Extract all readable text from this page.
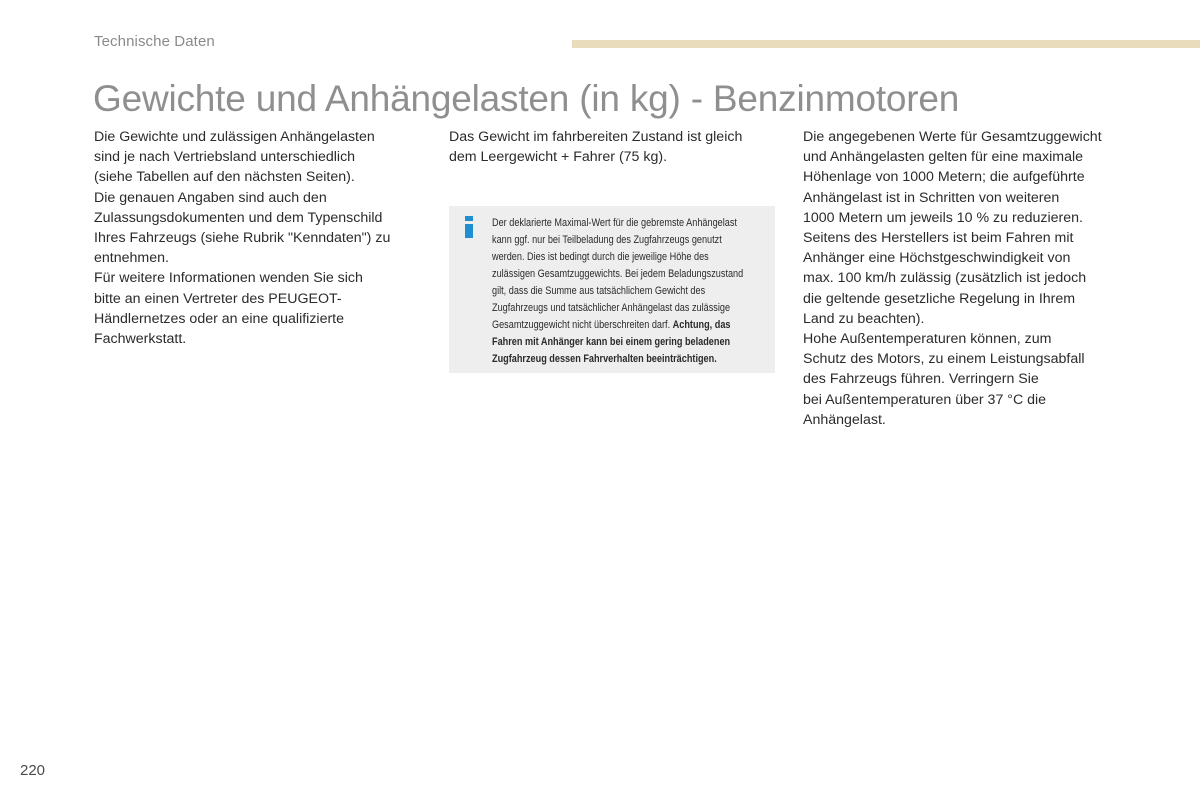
Technische Daten
Gewichte und Anhängelasten (in kg) - Benzinmotoren

Die Gewichte und zulässigen Anhängelasten

sind je nach Vertriebsland unterschiedlich

(siehe Tabellen auf den nächsten Seiten).

Die genauen Angaben sind auch den

Zulassungsdokumenten und dem Typenschild

Ihres Fahrzeugs (siehe Rubrik "Kenndaten") zu

entnehmen.

Für weitere Informationen wenden Sie sich

bitte an einen Vertreter des PEUGEOT-

Händlernetzes oder an eine qualifizierte

Fachwerkstatt.

Das Gewicht im fahrbereiten Zustand ist gleich

dem Leergewicht + Fahrer (75 kg).

Der deklarierte Maximal-Wert für die gebremste Anhängelast
kann ggf. nur bei Teilbeladung des Zugfahrzeugs genutzt
werden. Dies ist bedingt durch die jeweilige Höhe des
zulässigen Gesamtzuggewichts. Bei jedem Beladungszustand
gilt, dass die Summe aus tatsächlichem Gewicht des
Zugfahrzeugs und tatsächlicher Anhängelast das zulässige
Gesamtzuggewicht nicht überschreiten darf. Achtung, das
Fahren mit Anhänger kann bei einem gering beladenen
Zugfahrzeug dessen Fahrverhalten beeinträchtigen.

Die angegebenen Werte für Gesamtzuggewicht

und Anhängelasten gelten für eine maximale

Höhenlage von 1000 Metern; die aufgeführte

Anhängelast ist in Schritten von weiteren

1000 Metern um jeweils 10 % zu reduzieren.

Seitens des Herstellers ist beim Fahren mit

Anhänger eine Höchstgeschwindigkeit von

max. 100 km/h zulässig (zusätzlich ist jedoch

die geltende gesetzliche Regelung in Ihrem

Land zu beachten).

Hohe Außentemperaturen können, zum

Schutz des Motors, zu einem Leistungsabfall

des Fahrzeugs führen. Verringern Sie

bei Außentemperaturen über 37 °C die

Anhängelast.

220
